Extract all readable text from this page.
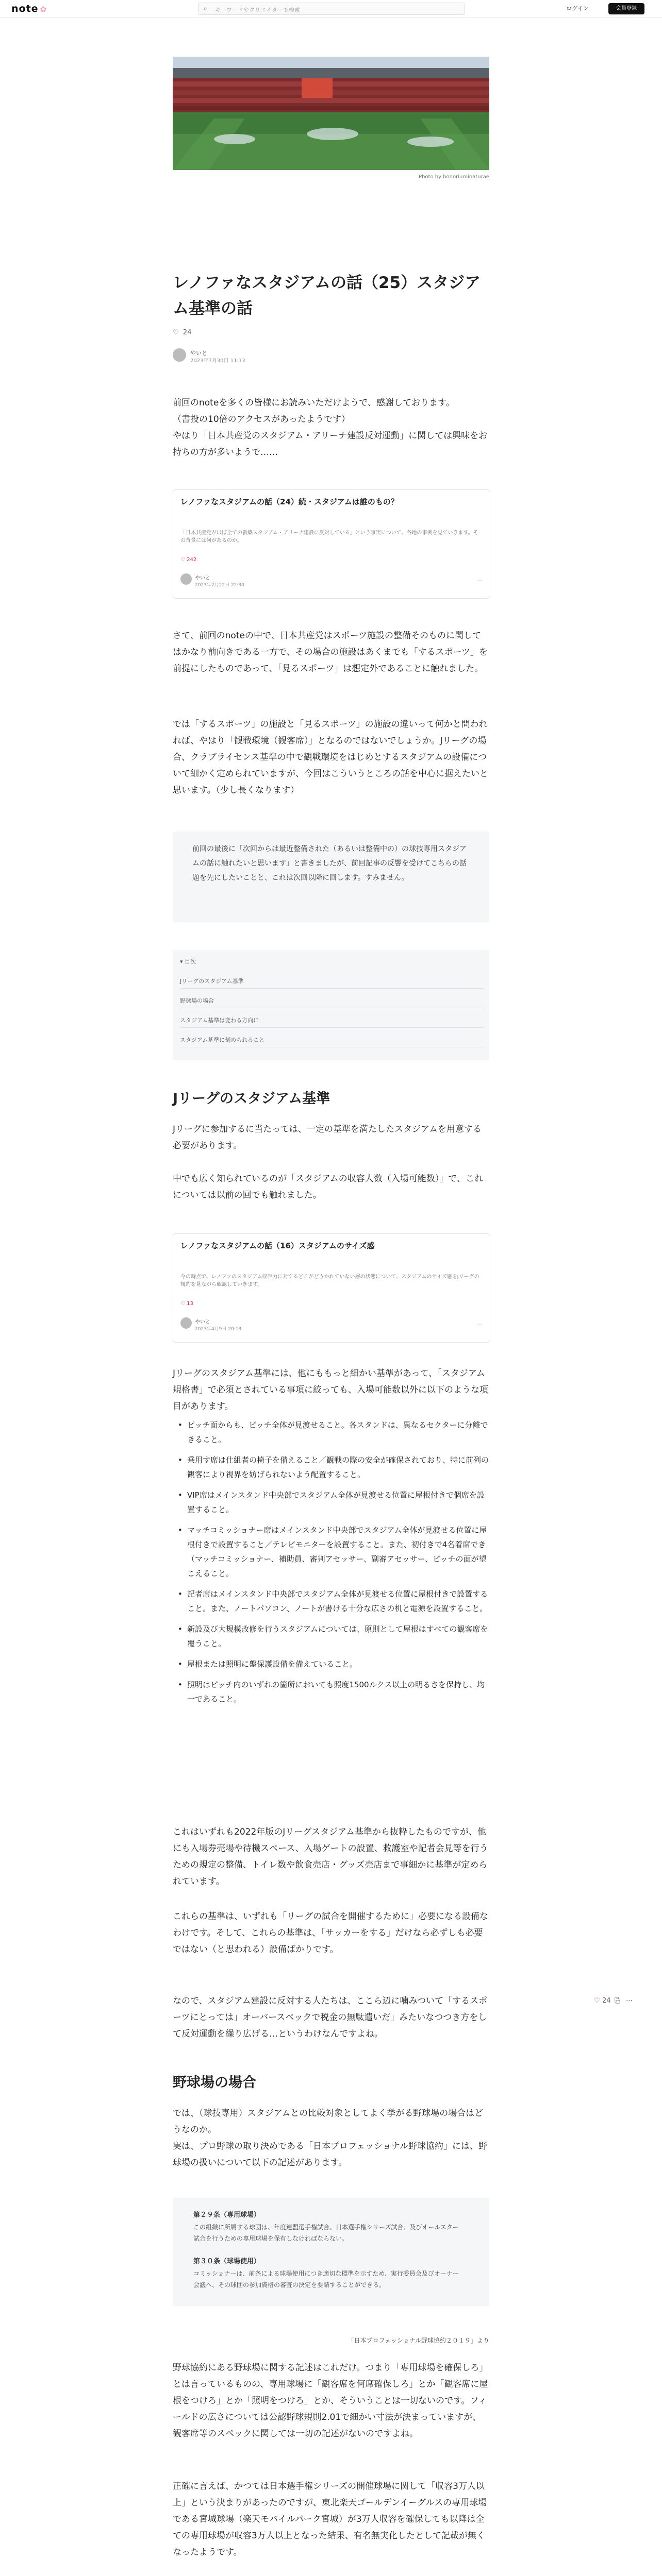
note ✿	⌕ キーワードやクリエイターで検索	ログイン	会員登録
Photo by honoriuminaturae
レノファなスタジアムの話（25）スタジアム基準の話
♡ 24
やいと
2023年7月30日 11:13

前回のnoteを多くの皆様にお読みいただけようで、感謝しております。

（書投の10倍のアクセスがあったようです）

やはり「日本共産党のスタジアム・アリーナ建設反対運動」に関しては興味をお持ちの方が多いようで……

レノファなスタジアムの話（24）続・スタジアムは誰のもの？
「日本共産党がほぼ全ての新築スタジアム・アリーナ建設に反対している」という事実について、各地の事例を見ていきます。その背景には何があるのか。
♡ 242
やいと
2023年7月22日 22:30
…

さて、前回のnoteの中で、日本共産党はスポーツ施設の整備そのものに関してはかなり前向きである一方で、その場合の施設はあくまでも「するスポーツ」を前提にしたものであって、「見るスポーツ」は想定外であることに触れました。

では「するスポーツ」の施設と「見るスポーツ」の施設の違いって何かと問われれば、やはり「観戦環境（観客席）」となるのではないでしょうか。Jリーグの場合、クラブライセンス基準の中で観戦環境をはじめとするスタジアムの設備について細かく定められていますが、今回はこういうところの話を中心に据えたいと思います。（少し長くなります）

前回の最後に「次回からは最近整備された（あるいは整備中の）の球技専用スタジアムの話に触れたいと思います」と書きましたが、前回記事の反響を受けてこちらの話題を先にしたいことと、これは次回以降に回します。すみません。

▾ 目次
Jリーグのスタジアム基準
野球場の場合
スタジアム基準は変わる方向に
スタジアム基準に刻められること
Jリーグのスタジアム基準

Jリーグに参加するに当たっては、一定の基準を満たしたスタジアムを用意する必要があります。

中でも広く知られているのが「スタジアムの収容人数（入場可能数）」で、これについては以前の回でも触れました。

レノファなスタジアムの話（16）スタジアムのサイズ感
今の時点で、レノファのスタジアム収容力に対するどこがどうかれていない層の状態について、スタジアムのサイズ感をJリーグの規約を見ながら確認していきます。
♡ 13
やいと
2023年4月9日 20:13
…

Jリーグのスタジアム基準には、他にももっと細かい基準があって、「スタジアム規格書」で必須とされている事項に絞っても、入場可能数以外に以下のような項目があります。

• ピッチ面からも、ピッチ全体が見渡せること。各スタンドは、異なるセクターに分離できること。
• 乗用す席は仕組者の椅子を備えること／観戦の際の安全が確保されており、特に前列の観客により視界を妨げられないよう配置すること。
• VIP席はメインスタンド中央部でスタジアム全体が見渡せる位置に屋根付きで個席を設置すること。
• マッチコミッショナー席はメインスタンド中央部でスタジアム全体が見渡せる位置に屋根付きで設置すること／テレビモニターを設置すること。また、初付きで4名着席でき（マッチコミッショナー、補助員、審判アセッサー、副審アセッサー、ピッチの面が望こえること。
• 記者席はメインスタンド中央部でスタジアム全体が見渡せる位置に屋根付きで設置すること。また、ノートパソコン、ノートが書ける十分な広さの机と電源を設置すること。
• 新設及び大規模改修を行うスタジアムについては、原則として屋根はすべての観客席を覆うこと。
• 屋根または照明に盤保護設備を備えていること。
• 照明はピッチ内のいずれの箇所においても照度1500ルクス以上の明るさを保持し、均一であること。

これはいずれも2022年版のJリーグスタジアム基準から抜粋したものですが、他にも入場券売場や待機スペース、入場ゲートの設置、救護室や記者会見等を行うための規定の整備、トイレ数や飲食売店・グッズ売店まで事細かに基準が定められています。

これらの基準は、いずれも「リーグの試合を開催するために」必要になる設備なわけです。そして、これらの基準は、「サッカーをする」だけなら必ずしも必要ではない（と思われる）設備ばかりです。

なので、スタジアム建設に反対する人たちは、ここら辺に噛みついて「するスポーツにとっては」オーバースペックで税金の無駄遣いだ」みたいなつつき方をして反対運動を繰り広げる…というわけなんですよね。

野球場の場合

では、（球技専用）スタジアムとの比較対象としてよく挙がる野球場の場合はどうなのか。

実は、プロ野球の取り決めである「日本プロフェッショナル野球協約」には、野球場の扱いについて以下の記述があります。

第２９条（専用球場）

この組織に所属する球団は、年度連盟選手権試合、日本選手権シリーズ試合、及びオールスター試合を行うための専用球場を保有しなければならない。

第３０条（球場使用）

コミッショナーは、前条による球場使用につき適切な標準を示すため、実行委員会及びオーナー会議へ、その球団の参加資格の審査の決定を要請することができる。

「日本プロフェッショナル野球協約２０１９」より

野球協約にある野球場に関する記述はこれだけ。つまり「専用球場を確保しろ」とは言っているものの、専用球場に「観客席を何席確保しろ」とか「観客席に屋根をつけろ」とか「照明をつけろ」とか、そういうことは一切ないのです。フィールドの広さについては公認野球規則2.01で細かい寸法が決まっていますが、観客席等のスペックに関しては一切の記述がないのですよね。

正確に言えば、かつては日本選手権シリーズの開催球場に関して「収容3万人以上」という決まりがあったのですが、東北楽天ゴールデンイーグルスの専用球場である宮城球場（楽天モバイルパーク宮城）が3万人収容を確保しても以降は全ての専用球場が収容3万人以上となった結果、有名無実化したとして記載が無くなったようです。

♡ 24 ⎘ ⋯
